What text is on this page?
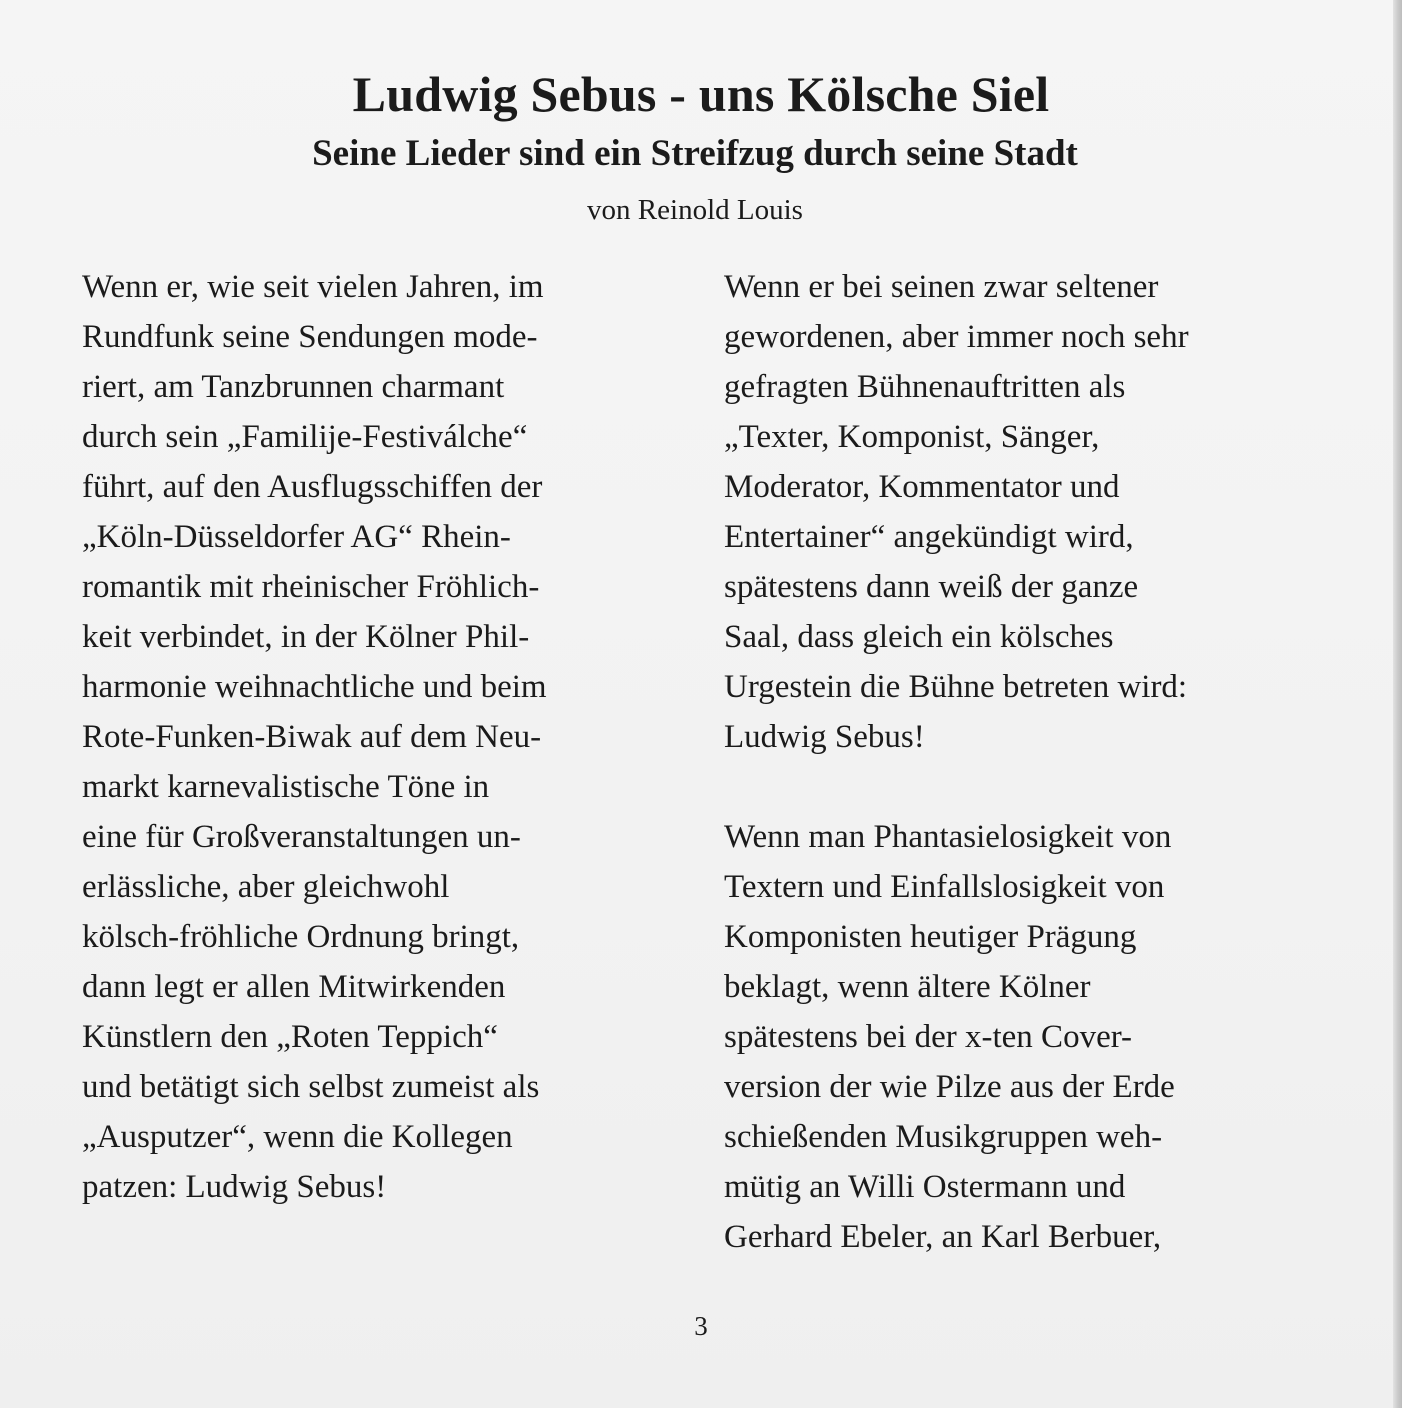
Ludwig Sebus - uns Kölsche Siel
Seine Lieder sind ein Streifzug durch seine Stadt

von Reinold Louis

Wenn er, wie seit vielen Jahren, im
Rundfunk seine Sendungen mode-
riert, am Tanzbrunnen charmant
durch sein „Familije-Festiválche“
führt, auf den Ausflugsschiffen der
„Köln-Düsseldorfer AG“ Rhein-
romantik mit rheinischer Fröhlich-
keit verbindet, in der Kölner Phil-
harmonie weihnachtliche und beim
Rote-Funken-Biwak auf dem Neu-
markt karnevalistische Töne in
eine für Großveranstaltungen un-
erlässliche, aber gleichwohl
kölsch-fröhliche Ordnung bringt,
dann legt er allen Mitwirkenden
Künstlern den „Roten Teppich“
und betätigt sich selbst zumeist als
„Ausputzer“, wenn die Kollegen
patzen: Ludwig Sebus!
Wenn er bei seinen zwar seltener
gewordenen, aber immer noch sehr
gefragten Bühnenauftritten als
„Texter, Komponist, Sänger,
Moderator, Kommentator und
Entertainer“ angekündigt wird,
spätestens dann weiß der ganze
Saal, dass gleich ein kölsches
Urgestein die Bühne betreten wird:
Ludwig Sebus!
Wenn man Phantasielosigkeit von
Textern und Einfallslosigkeit von
Komponisten heutiger Prägung
beklagt, wenn ältere Kölner
spätestens bei der x-ten Cover-
version der wie Pilze aus der Erde
schießenden Musikgruppen weh-
mütig an Willi Ostermann und
Gerhard Ebeler, an Karl Berbuer,
3
